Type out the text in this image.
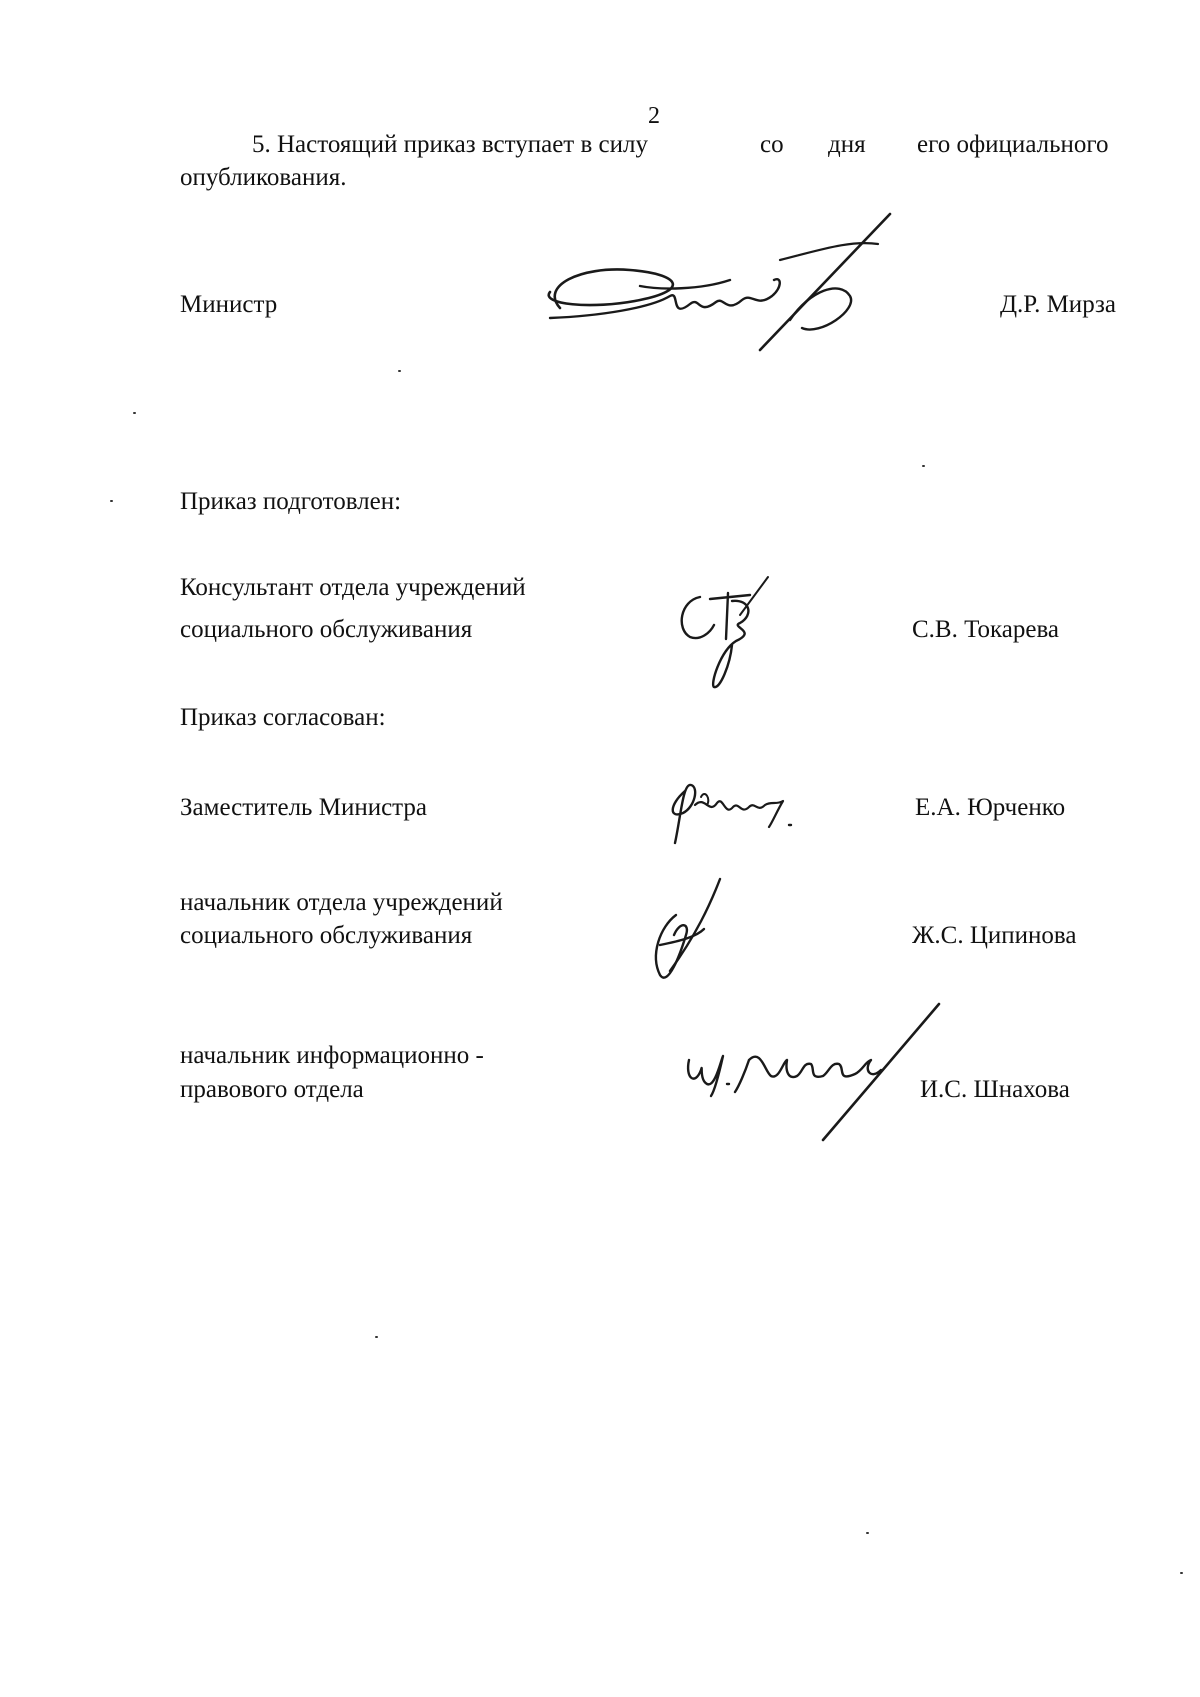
2
5. Настоящий приказ вступает в силу	со дня его официального
опубликования.
Министр	Д.Р. Мирза
Приказ подготовлен:
Консультант отдела учреждений
социального обслуживания	С.В. Токарева
Приказ согласован:
Заместитель Министра	Е.А. Юрченко
начальник отдела учреждений
социального обслуживания	Ж.С. Ципинова
начальник информационно -
правового отдела	И.С. Шнахова
